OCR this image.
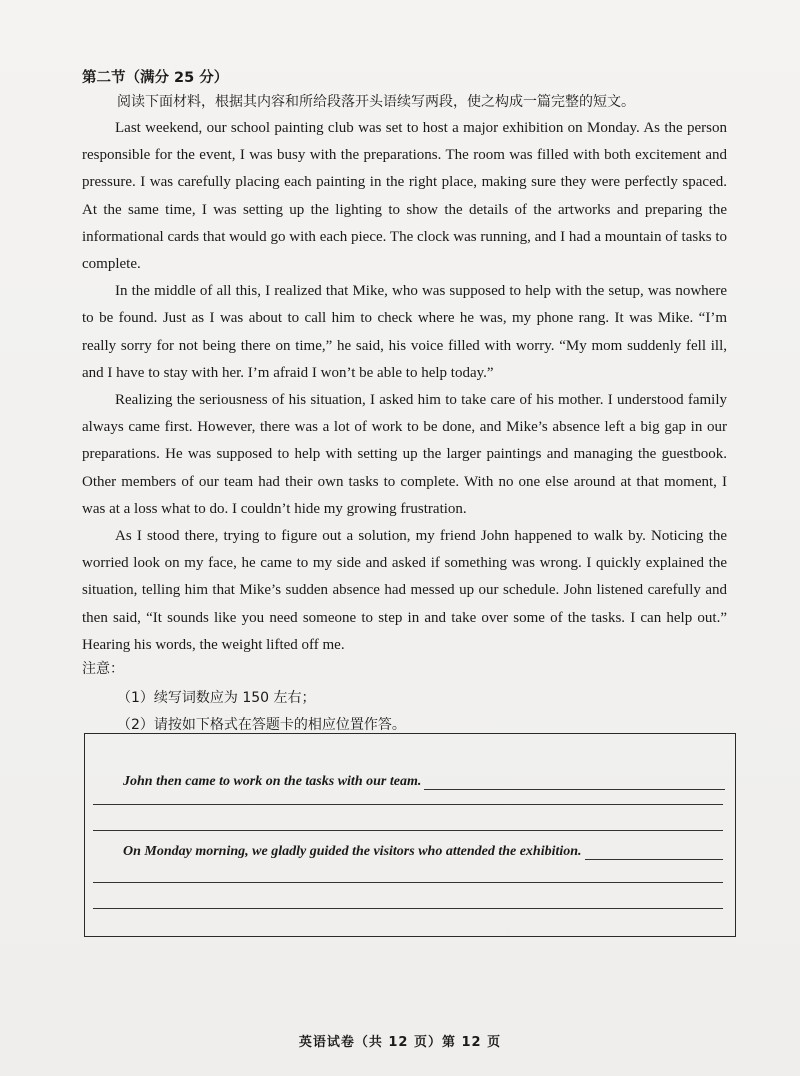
第二节（满分 25 分）
阅读下面材料，根据其内容和所给段落开头语续写两段，使之构成一篇完整的短文。

Last weekend, our school painting club was set to host a major exhibition on Monday. As the person responsible for the event, I was busy with the preparations. The room was filled with both excitement and pressure. I was carefully placing each painting in the right place, making sure they were perfectly spaced. At the same time, I was setting up the lighting to show the details of the artworks and preparing the informational cards that would go with each piece. The clock was running, and I had a mountain of tasks to complete.

In the middle of all this, I realized that Mike, who was supposed to help with the setup, was nowhere to be found. Just as I was about to call him to check where he was, my phone rang. It was Mike. “I’m really sorry for not being there on time,” he said, his voice filled with worry. “My mom suddenly fell ill, and I have to stay with her. I’m afraid I won’t be able to help today.”

Realizing the seriousness of his situation, I asked him to take care of his mother. I understood family always came first. However, there was a lot of work to be done, and Mike’s absence left a big gap in our preparations. He was supposed to help with setting up the larger paintings and managing the guestbook. Other members of our team had their own tasks to complete. With no one else around at that moment, I was at a loss what to do. I couldn’t hide my growing frustration.

As I stood there, trying to figure out a solution, my friend John happened to walk by. Noticing the worried look on my face, he came to my side and asked if something was wrong. I quickly explained the situation, telling him that Mike’s sudden absence had messed up our schedule. John listened carefully and then said, “It sounds like you need someone to step in and take over some of the tasks. I can help out.” Hearing his words, the weight lifted off me.

注意：
（1）续写词数应为 150 左右；
（2）请按如下格式在答题卡的相应位置作答。
John then came to work on the tasks with our team.
On Monday morning, we gladly guided the visitors who attended the exhibition.
英语试卷（共 12 页）第 12 页
